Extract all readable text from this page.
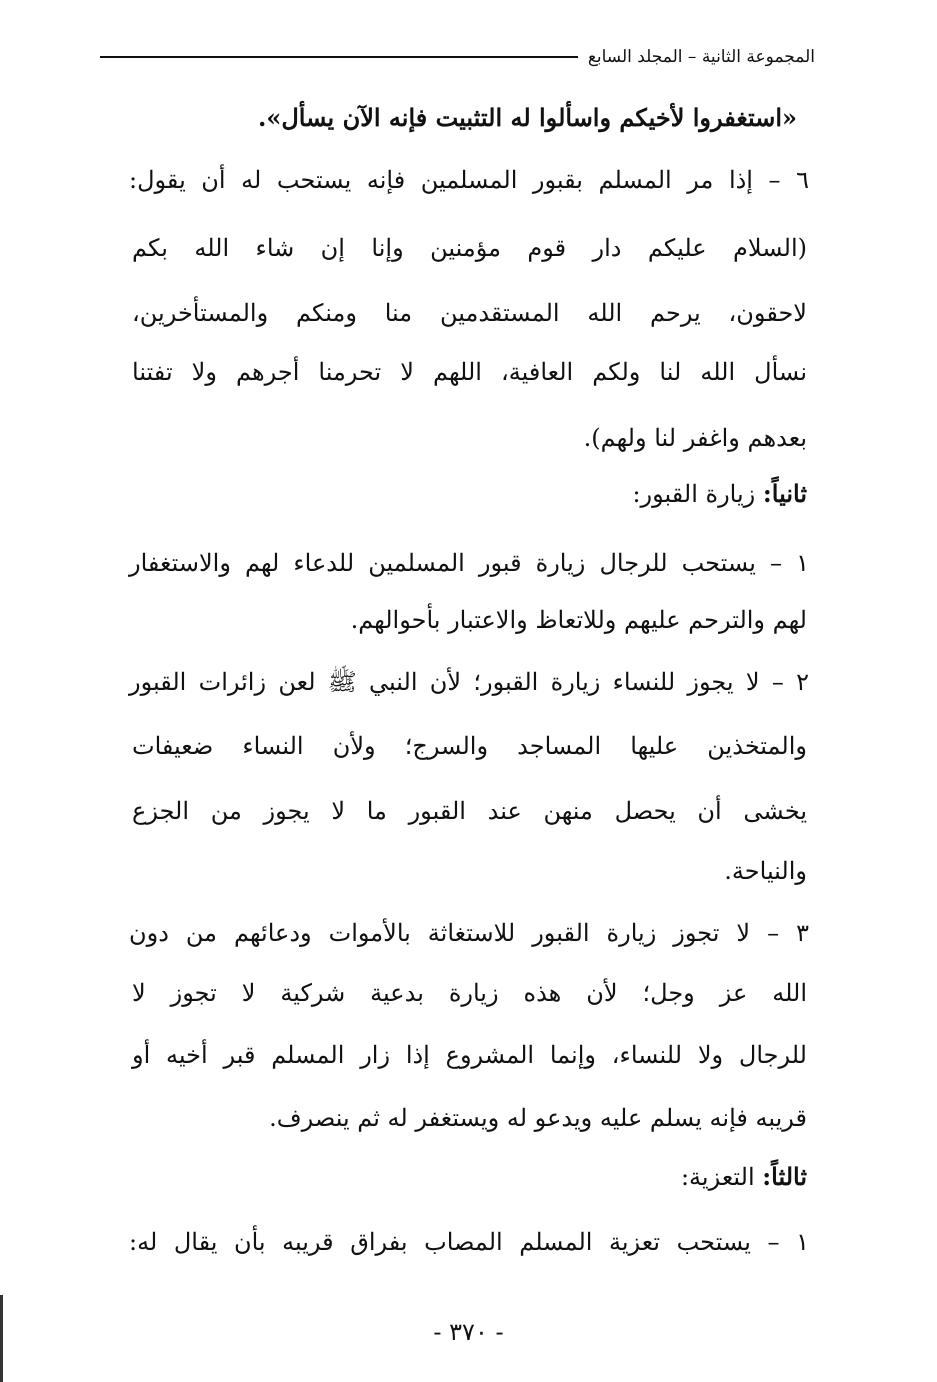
المجموعة الثانية – المجلد السابع
«استغفروا لأخيكم واسألوا له التثبيت فإنه الآن يسأل».
٦ – إذا مر المسلم بقبور المسلمين فإنه يستحب له أن يقول:
(السلام عليكم دار قوم مؤمنين وإنا إن شاء الله بكم
لاحقون، يرحم الله المستقدمين منا ومنكم والمستأخرين،
نسأل الله لنا ولكم العافية، اللهم لا تحرمنا أجرهم ولا تفتنا
بعدهم واغفر لنا ولهم).
ثانياً: زيارة القبور:
١ – يستحب للرجال زيارة قبور المسلمين للدعاء لهم والاستغفار
لهم والترحم عليهم وللاتعاظ والاعتبار بأحوالهم.
٢ – لا يجوز للنساء زيارة القبور؛ لأن النبي ﷺ لعن زائرات القبور
والمتخذين عليها المساجد والسرج؛ ولأن النساء ضعيفات
يخشى أن يحصل منهن عند القبور ما لا يجوز من الجزع
والنياحة.
٣ – لا تجوز زيارة القبور للاستغاثة بالأموات ودعائهم من دون
الله عز وجل؛ لأن هذه زيارة بدعية شركية لا تجوز لا
للرجال ولا للنساء، وإنما المشروع إذا زار المسلم قبر أخيه أو
قريبه فإنه يسلم عليه ويدعو له ويستغفر له ثم ينصرف.
ثالثاً: التعزية:
١ – يستحب تعزية المسلم المصاب بفراق قريبه بأن يقال له:
- ٣٧٠ -
